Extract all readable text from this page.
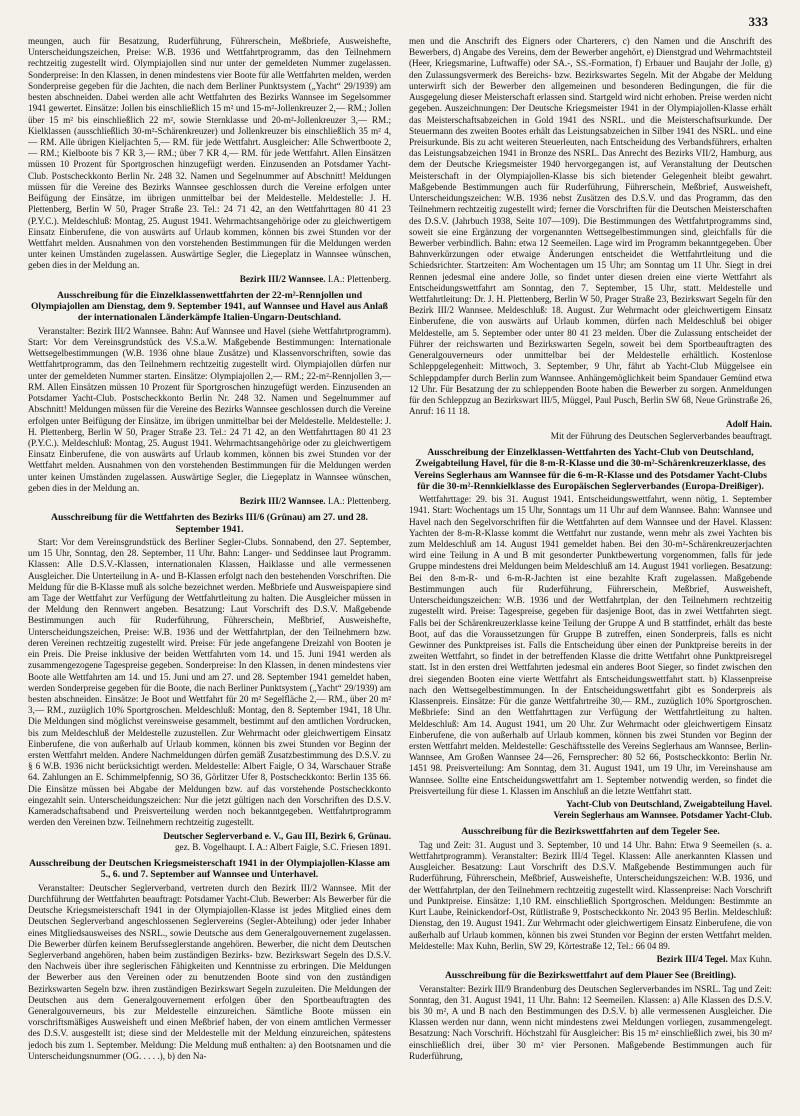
333

meungen, auch für Besatzung, Ruderführung, Führerschein, Meßbriefe, Ausweishefte, Unterscheidungszeichen, Preise: W.B. 1936 und Wettfahrtprogramm, das den Teilnehmern rechtzeitig zugestellt wird. Olympiajollen sind nur unter der gemeldeten Nummer zugelassen. Sonderpreise: In den Klassen, in denen mindestens vier Boote für alle Wettfahrten melden, werden Sonderpreise gegeben für die Jachten, die nach dem Berliner Punktsystem („Yacht“ 29/1939) am besten abschneiden. Dabei werden alle acht Wettfahrten des Bezirks Wannsee im Segelsommer 1941 gewertet. Einsätze: Jollen bis einschließlich 15 m² und 15-m²-Jollenkreuzer 2,— RM.; Jollen über 15 m² bis einschließlich 22 m², sowie Sternklasse und 20-m²-Jollenkreuzer 3,— RM.; Kielklassen (ausschließlich 30-m²-Schärenkreuzer) und Jollenkreuzer bis einschließlich 35 m² 4,— RM. Alle übrigen Kieljachten 5,— RM. für jede Wettfahrt. Ausgleicher: Alle Schwertboote 2,— RM.; Kielboote bis 7 KR 3,— RM.; über 7 KR 4,— RM. für jede Wettfahrt. Allen Einsätzen müssen 10 Prozent für Sportgroschen hinzugefügt werden. Einzusenden an Potsdamer Yacht-Club. Postscheckkonto Berlin Nr. 248 32. Namen und Segelnummer auf Abschnitt! Meldungen müssen für die Vereine des Bezirks Wannsee geschlossen durch die Vereine erfolgen unter Beifügung der Einsätze, im übrigen unmittelbar bei der Meldestelle. Meldestelle: J. H. Plettenberg, Berlin W 50, Prager Straße 23. Tel.: 24 71 42, an den Wettfahrttagen 80 41 23 (P.Y.C.). Meldeschluß: Montag, 25. August 1941. Wehrmachtsangehörige oder zu gleichwertigem Einsatz Einberufene, die von auswärts auf Urlaub kommen, können bis zwei Stunden vor der Wettfahrt melden. Ausnahmen von den vorstehenden Bestimmungen für die Meldungen werden unter keinen Umständen zugelassen. Auswärtige Segler, die Liegeplatz in Wannsee wünschen, geben dies in der Meldung an.

Bezirk III/2 Wannsee. I.A.: Plettenberg.

Ausschreibung für die Einzelklassenwettfahrten der 22-m²-Rennjollen und Olympiajollen am Dienstag, dem 9. September 1941, auf Wannsee und Havel aus Anlaß der internationalen Länderkämpfe Italien-Ungarn-Deutschland.

Veranstalter: Bezirk III/2 Wannsee. Bahn: Auf Wannsee und Havel (siehe Wettfahrtprogramm). Start: Vor dem Vereinsgrundstück des V.S.a.W. Maßgebende Bestimmungen: Internationale Wettsegelbestimmungen (W.B. 1936 ohne blaue Zusätze) und Klassenvorschriften, sowie das Wettfahrtprogramm, das den Teilnehmern rechtzeitig zugestellt wird. Olympiajollen dürfen nur unter der gemeldeten Nummer starten. Einsätze: Olympiajollen 2,— RM.; 22-m²-Rennjollen 3,— RM. Allen Einsätzen müssen 10 Prozent für Sportgroschen hinzugefügt werden. Einzusenden an Potsdamer Yacht-Club. Postscheckkonto Berlin Nr. 248 32. Namen und Segelnummer auf Abschnitt! Meldungen müssen für die Vereine des Bezirks Wannsee geschlossen durch die Vereine erfolgen unter Beifügung der Einsätze, im übrigen unmittelbar bei der Meldestelle. Meldestelle: J. H. Plettenberg, Berlin W 50, Prager Straße 23. Tel.: 24 71 42, an den Wettfahrttagen 80 41 23 (P.Y.C.). Meldeschluß: Montag, 25. August 1941. Wehrmachtsangehörige oder zu gleichwertigem Einsatz Einberufene, die von auswärts auf Urlaub kommen, können bis zwei Stunden vor der Wettfahrt melden. Ausnahmen von den vorstehenden Bestimmungen für die Meldungen werden unter keinen Umständen zugelassen. Auswärtige Segler, die Liegeplatz in Wannsee wünschen, geben dies in der Meldung an.

Bezirk III/2 Wannsee. I.A.: Plettenberg.

Ausschreibung für die Wettfahrten des Bezirks III/6 (Grünau) am 27. und 28. September 1941.

Start: Vor dem Vereinsgrundstück des Berliner Segler-Clubs. Sonnabend, den 27. September, um 15 Uhr, Sonntag, den 28. September, 11 Uhr. Bahn: Langer- und Seddinsee laut Programm. Klassen: Alle D.S.V.-Klassen, internationalen Klassen, Haiklasse und alle vermessenen Ausgleicher. Die Unterteilung in A- und B-Klassen erfolgt nach den bestehenden Vorschriften. Die Meldung für die B-Klasse muß als solche bezeichnet werden. Meßbriefe und Ausweispapiere sind am Tage der Wettfahrt zur Verfügung der Wettfahrtleitung zu halten. Die Ausgleicher müssen in der Meldung den Rennwert angeben. Besatzung: Laut Vorschrift des D.S.V. Maßgebende Bestimmungen auch für Ruderführung, Führerschein, Meßbrief, Ausweishefte, Unterscheidungszeichen, Preise: W.B. 1936 und der Wettfahrtplan, der den Teilnehmern bzw. deren Vereinen rechtzeitig zugestellt wird. Preise: Für jede angefangene Dreizahl von Booten je ein Preis. Die Preise inklusive der beiden Wettfahrten vom 14. und 15. Juni 1941 werden als zusammengezogene Tagespreise gegeben. Sonderpreise: In den Klassen, in denen mindestens vier Boote alle Wettfahrten am 14. und 15. Juni und am 27. und 28. September 1941 gemeldet haben, werden Sonderpreise gegeben für die Boote, die nach Berliner Punktsystem („Yacht“ 29/1939) am besten abschneiden. Einsätze: Je Boot und Wettfahrt für 20 m² Segelfläche 2,— RM., über 20 m² 3,— RM., zuzüglich 10% Sportgroschen. Meldeschluß: Montag, den 8. September 1941, 18 Uhr. Die Meldungen sind möglichst vereinsweise gesammelt, bestimmt auf den amtlichen Vordrucken, bis zum Meldeschluß der Meldestelle zuzustellen. Zur Wehrmacht oder gleichwertigem Einsatz Einberufene, die von außerhalb auf Urlaub kommen, können bis zwei Stunden vor Beginn der ersten Wettfahrt melden. Andere Nachmeldungen dürfen gemäß Zusatzbestimmung des D.S.V. zu § 6 W.B. 1936 nicht berücksichtigt werden. Meldestelle: Albert Faigle, O 34, Warschauer Straße 64. Zahlungen an E. Schimmelpfennig, SO 36, Görlitzer Ufer 8, Postscheckkonto: Berlin 135 66. Die Einsätze müssen bei Abgabe der Meldungen bzw. auf das vorstehende Postscheckkonto eingezahlt sein. Unterscheidungszeichen: Nur die jetzt gültigen nach den Vorschriften des D.S.V. Kameradschaftsabend und Preisverteilung werden noch bekanntgegeben. Wettfahrtprogramm werden den Vereinen bzw. Teilnehmern rechtzeitig zugestellt.

Deutscher Seglerverband e. V., Gau III, Bezirk 6, Grünau.
gez. B. Vogelhaupt. I. A.: Albert Faigle, S.C. Friesen 1891.

Ausschreibung der Deutschen Kriegsmeisterschaft 1941 in der Olympiajollen-Klasse am 5., 6. und 7. September auf Wannsee und Unterhavel.

Veranstalter: Deutscher Seglerverband, vertreten durch den Bezirk III/2 Wannsee. Mit der Durchführung der Wettfahrten beauftragt: Potsdamer Yacht-Club. Bewerber: Als Bewerber für die Deutsche Kriegsmeisterschaft 1941 in der Olympiajollen-Klasse ist jedes Mitglied eines dem Deutschen Seglerverband angeschlossenen Seglervereins (Segler-Abteilung) oder jeder Inhaber eines Mitgliedsausweises des NSRL., sowie Deutsche aus dem Generalgouvernement zugelassen. Die Bewerber dürfen keinem Berufsseglerstande angehören. Bewerber, die nicht dem Deutschen Seglerverband angehören, haben beim zuständigen Bezirks- bzw. Bezirkswart Segeln des D.S.V. den Nachweis über ihre seglerischen Fähigkeiten und Kenntnisse zu erbringen. Die Meldungen der Bewerber aus den Vereinen oder zu benutzenden Boote sind von den zuständigen Bezirkswarten Segeln bzw. ihren zuständigen Bezirkswart Segeln zuzuleiten. Die Meldungen der Deutschen aus dem Generalgouvernement erfolgen über den Sportbeauftragten des Generalgouverneurs, bis zur Meldestelle einzureichen. Sämtliche Boote müssen ein vorschriftsmäßiges Ausweisheft und einen Meßbrief haben, der von einem amtlichen Vermesser des D.S.V. ausgestellt ist; diese sind der Meldestelle mit der Meldung einzureichen, spätestens jedoch bis zum 1. September. Meldung: Die Meldung muß enthalten: a) den Bootsnamen und die Unterscheidungsnummer (OG. . . . .), b) den Na-

men und die Anschrift des Eigners oder Charterers, c) den Namen und die Anschrift des Bewerbers, d) Angabe des Vereins, dem der Bewerber angehört, e) Dienstgrad und Wehrmachtsteil (Heer, Kriegsmarine, Luftwaffe) oder SA.-, SS.-Formation, f) Erbauer und Baujahr der Jolle, g) den Zulassungsvermerk des Bereichs- bzw. Bezirkswartes Segeln. Mit der Abgabe der Meldung unterwirft sich der Bewerber den allgemeinen und besonderen Bedingungen, die für die Ausgegelung dieser Meisterschaft erlassen sind. Startgeld wird nicht erhoben. Preise werden nicht gegeben. Auszeichnungen: Der Deutsche Kriegsmeister 1941 in der Olympiajollen-Klasse erhält das Meisterschaftsabzeichen in Gold 1941 des NSRL. und die Meisterschaftsurkunde. Der Steuermann des zweiten Bootes erhält das Leistungsabzeichen in Silber 1941 des NSRL. und eine Preisurkunde. Bis zu acht weiteren Steuerleuten, nach Entscheidung des Verbandsführers, erhalten das Leistungsabzeichen 1941 in Bronze des NSRL. Das Anrecht des Bezirks VII/2, Hamburg, aus dem der Deutsche Kriegsmeister 1940 hervorgegangen ist, auf Veranstaltung der Deutschen Meisterschaft in der Olympiajollen-Klasse bis sich bietender Gelegenheit bleibt gewahrt. Maßgebende Bestimmungen auch für Ruderführung, Führerschein, Meßbrief, Ausweisheft, Unterscheidungszeichen: W.B. 1936 nebst Zusätzen des D.S.V. und das Programm, das den Teilnehmern rechtzeitig zugestellt wird; ferner die Vorschriften für die Deutschen Meisterschaften des D.S.V. (Jahrbuch 1938, Seite 107—109). Die Bestimmungen des Wettfahrtprogramms sind, soweit sie eine Ergänzung der vorgenannten Wettsegelbestimmungen sind, gleichfalls für die Bewerber verbindlich. Bahn: etwa 12 Seemeilen. Lage wird im Programm bekanntgegeben. Über Bahnverkürzungen oder etwaige Änderungen entscheidet die Wettfahrtleitung und die Schiedsrichter. Startzeiten: Am Wochentagen um 15 Uhr; am Sonntag um 11 Uhr. Siegt in drei Rennen jedesmal eine andere Jolle, so findet unter diesen dreien eine vierte Wettfahrt als Entscheidungswettfahrt am Sonntag, den 7. September, 15 Uhr, statt. Meldestelle und Wettfahrtleitung: Dr. J. H. Plettenberg, Berlin W 50, Prager Straße 23, Bezirkswart Segeln für den Bezirk III/2 Wannsee. Meldeschluß: 18. August. Zur Wehrmacht oder gleichwertigem Einsatz Einberufene, die von auswärts auf Urlaub kommen, dürfen nach Meldeschluß bei obiger Meldestelle, am 5. September oder unter 80 41 23 melden. Über die Zulassung entscheidet der Führer der reichswarten und Bezirkswarten Segeln, soweit bei dem Sportbeauftragten des Generalgouverneurs oder unmittelbar bei der Meldestelle erhältlich. Kostenlose Schleppgelegenheit: Mittwoch, 3. September, 9 Uhr, fährt ab Yacht-Club Müggelsee ein Schleppdampfer durch Berlin zum Wannsee. Anhängemöglichkeit beim Spandauer Gemünd etwa 12 Uhr. Für Besatzung der zu schleppenden Boote haben die Bewerber zu sorgen. Anmeldungen für den Schleppzug an Bezirkswart III/5, Müggel, Paul Pusch, Berlin SW 68, Neue Grünstraße 26, Anruf: 16 11 18.

Adolf Hain.
Mit der Führung des Deutschen Seglerverbandes beauftragt.

Ausschreibung der Einzelklassen-Wettfahrten des Yacht-Club von Deutschland, Zweigabteilung Havel, für die 8-m-R-Klasse und die 30-m²-Schärenkreuzerklasse, des Vereins Seglerhaus am Wannsee für die 6-m-R-Klasse und des Potsdamer Yacht-Clubs für die 30-m²-Rennkielklasse des Europäischen Seglerverbandes (Europa-Dreißiger).

Wettfahrttage: 29. bis 31. August 1941. Entscheidungswettfahrt, wenn nötig, 1. September 1941. Start: Wochentags um 15 Uhr, Sonntags um 11 Uhr auf dem Wannsee. Bahn: Wannsee und Havel nach den Segelvorschriften für die Wettfahrten auf dem Wannsee und der Havel. Klassen: Yachten der 8-m-R-Klasse kommt die Wettfahrt nur zustande, wenn mehr als zwei Yachten bis zum Meldeschluß am 14. August 1941 gemeldet haben. Bei den 30-m²-Schärenkreuzerjachten wird eine Teilung in A und B mit gesonderter Punktbewertung vorgenommen, falls für jede Gruppe mindestens drei Meldungen beim Meldeschluß am 14. August 1941 vorliegen. Besatzung: Bei den 8-m-R- und 6-m-R-Jachten ist eine bezahlte Kraft zugelassen. Maßgebende Bestimmungen auch für Ruderführung, Führerschein, Meßbrief, Ausweisheft, Unterscheidungszeichen: W.B. 1936 und der Wettfahrtplan, der den Teilnehmern rechtzeitig zugestellt wird. Preise: Tagespreise, gegeben für dasjenige Boot, das in zwei Wettfahrten siegt. Falls bei der Schärenkreuzerklasse keine Teilung der Gruppe A und B stattfindet, erhält das beste Boot, auf das die Voraussetzungen für Gruppe B zutreffen, einen Sonderpreis, falls es nicht Gewinner des Punktpreises ist. Falls die Entscheidung über einen der Punktpreise bereits in der zweiten Wettfahrt, so findet in der betreffenden Klasse die dritte Wettfahrt ohne Punktpreisregel statt. Ist in den ersten drei Wettfahrten jedesmal ein anderes Boot Sieger, so findet zwischen den drei siegenden Booten eine vierte Wettfahrt als Entscheidungswettfahrt statt. b) Klassenpreise nach den Wettsegelbestimmungen. In der Entscheidungswettfahrt gibt es Sonderpreis als Klassenpreis. Einsätze: Für die ganze Wettfahrtreihe 30,— RM., zuzüglich 10% Sportgroschen. Meßbriefe: Sind an den Wettfahrttagen zur Verfügung der Wettfahrtleitung zu halten. Meldeschluß: Am 14. August 1941, um 20 Uhr. Zur Wehrmacht oder gleichwertigem Einsatz Einberufene, die von außerhalb auf Urlaub kommen, können bis zwei Stunden vor Beginn der ersten Wettfahrt melden. Meldestelle: Geschäftsstelle des Vereins Seglerhaus am Wannsee, Berlin-Wannsee, Am Großen Wannsee 24—26, Fernsprecher: 80 52 66, Postscheckkonto: Berlin Nr. 1451 98. Preisverteilung: Am Sonntag, dem 31. August 1941, um 19 Uhr, im Vereinshause am Wannsee. Sollte eine Entscheidungswettfahrt am 1. September notwendig werden, so findet die Preisverteilung für diese 1. Klassen im Anschluß an die letzte Wettfahrt statt.

Yacht-Club von Deutschland, Zweigabteilung Havel.
Verein Seglerhaus am Wannsee. Potsdamer Yacht-Club.

Ausschreibung für die Bezirkswettfahrten auf dem Tegeler See.

Tag und Zeit: 31. August und 3. September, 10 und 14 Uhr. Bahn: Etwa 9 Seemeilen (s. a. Wettfahrtprogramm). Veranstalter: Bezirk III/4 Tegel. Klassen: Alle anerkannten Klassen und Ausgleicher. Besatzung: Laut Vorschrift des D.S.V. Maßgebende Bestimmungen auch für Ruderführung, Führerschein, Meßbrief, Ausweishefte, Unterscheidungszeichen: W.B. 1936, und der Wettfahrtplan, der den Teilnehmern rechtzeitig zugestellt wird. Klassenpreise: Nach Vorschrift und Punktpreise. Einsätze: 1,10 RM. einschließlich Sportgroschen. Meldungen: Bestimmte an Kurt Laube, Reinickendorf-Ost, Rütlistraße 9, Postscheckkonto Nr. 2043 95 Berlin. Meldeschluß: Dienstag, den 19. August 1941. Zur Wehrmacht oder gleichwertigem Einsatz Einberufene, die von außerhalb auf Urlaub kommen, können bis zwei Stunden vor Beginn der ersten Wettfahrt melden. Meldestelle: Max Kuhn, Berlin, SW 29, Körtestraße 12, Tel.: 66 04 89.

Bezirk III/4 Tegel. Max Kuhn.

Ausschreibung für die Bezirkswettfahrt auf dem Plauer See (Breitling).

Veranstalter: Bezirk III/9 Brandenburg des Deutschen Seglerverbandes im NSRL. Tag und Zeit: Sonntag, den 31. August 1941, 11 Uhr. Bahn: 12 Seemeilen. Klassen: a) Alle Klassen des D.S.V. bis 30 m², A und B nach den Bestimmungen des D.S.V. b) alle vermessenen Ausgleicher. Die Klassen werden nur dann, wenn nicht mindestens zwei Meldungen vorliegen, zusammengelegt. Besatzung: Nach Vorschrift. Höchstzahl für Ausgleicher: Bis 15 m² einschließlich zwei, bis 30 m² einschließlich drei, über 30 m² vier Personen. Maßgebende Bestimmungen auch für Ruderführung,
